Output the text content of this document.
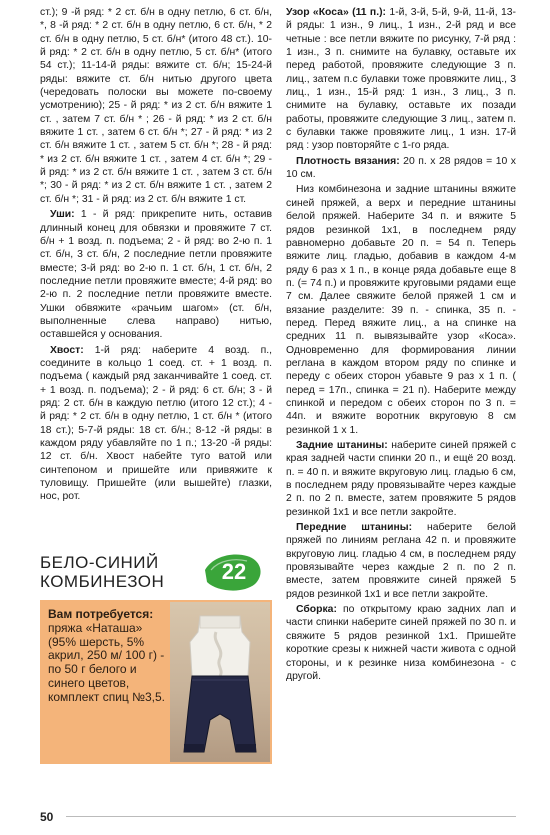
ст.); 9 -й ряд: * 2 ст. б/н в одну петлю, 6 ст. б/н, *, 8 -й ряд: * 2 ст. б/н в одну петлю, 6 ст. б/н, * 2 ст. б/н в одну петлю, 5 ст. б/н* (итого 48 ст.). 10-й ряд: * 2 ст. б/н в одну петлю, 5 ст. б/н* (итого 54 ст.); 11-14-й ряды: вяжите ст. б/н; 15-24-й ряды: вяжите ст. б/н нитью другого цвета (чередовать полоски вы можете по-своему усмотрению); 25 - й ряд: * из 2 ст. б/н вяжите 1 ст. , затем 7 ст. б/н * ; 26 - й ряд: * из 2 ст. б/н вяжите 1 ст. , затем 6 ст. б/н *; 27 - й ряд: * из 2 ст. б/н вяжите 1 ст. , затем 5 ст. б/н *; 28 - й ряд: * из 2 ст. б/н вяжите 1 ст. , затем 4 ст. б/н *; 29 - й ряд: * из 2 ст. б/н вяжите 1 ст. , затем 3 ст. б/н *; 30 - й ряд: * из 2 ст. б/н вяжите 1 ст. , затем 2 ст. б/н *; 31 - й ряд: из 2 ст. б/н вяжите 1 ст.

Уши: 1 - й ряд: прикрепите нить, оставив длинный конец для обвязки и провяжите 7 ст. б/н + 1 возд. п. подъема; 2 - й ряд: во 2-ю п. 1 ст. б/н, 3 ст. б/н, 2 последние петли провяжите вместе; 3-й ряд: во 2-ю п. 1 ст. б/н, 1 ст. б/н, 2 последние петли провяжите вместе; 4-й ряд: во 2-ю п. 2 последние петли провяжите вместе. Ушки обвяжите «рачьим шагом» (ст. б/н, выполненные слева направо) нитью, оставшейся у основания.

Хвост: 1-й ряд: наберите 4 возд. п., соедините в кольцо 1 соед. ст. + 1 возд. п. подъема ( каждый ряд заканчивайте 1 соед. ст. + 1 возд. п. подъема); 2 - й ряд: 6 ст. б/н; 3 - й ряд: 2 ст. б/н в каждую петлю (итого 12 ст.); 4 - й ряд: * 2 ст. б/н в одну петлю, 1 ст. б/н * (итого 18 ст.); 5-7-й ряды: 18 ст. б/н.; 8-12 -й ряды: в каждом ряду убавляйте по 1 п.; 13-20 -й ряды: 12 ст. б/н. Хвост набейте туго ватой или синтепоном и пришейте или привяжите к туловищу. Пришейте (или вышейте) глазки, нос, рот.

БЕЛО-СИНИЙ
КОМБИНЕЗОН	22
Вам потребуется:
пряжа «Наташа» (95% шерсть, 5% акрил, 250 м/ 100 г) - по 50 г белого и синего цветов, комплект спиц №3,5.

Узор «Коса» (11 п.): 1-й, 3-й, 5-й, 9-й, 11-й, 13-й ряды: 1 изн., 9 лиц., 1 изн., 2-й ряд и все четные : все петли вяжите по рисунку, 7-й ряд : 1 изн., 3 п. снимите на булавку, оставьте их перед работой, провяжите следующие 3 п. лиц., затем п.с булавки тоже провяжите лиц., 3 лиц., 1 изн., 15-й ряд: 1 изн., 3 лиц., 3 п. снимите на булавку, оставьте их позади работы, провяжите следующие 3 лиц., затем п. с булавки также провяжите лиц., 1 изн. 17-й ряд : узор повторяйте с 1-го ряда.

Плотность вязания: 20 п. х 28 рядов = 10 х 10 см.

Низ комбинезона и задние штанины вяжите синей пряжей, а верх и передние штанины белой пряжей. Наберите 34 п. и вяжите 5 рядов резинкой 1х1, в последнем ряду равномерно добавьте 20 п. = 54 п. Теперь вяжите лиц. гладью, добавив в каждом 4-м ряду 6 раз х 1 п., в конце ряда добавьте еще 8 п. (= 74 п.) и провяжите круговыми рядами еще 7 см. Далее свяжите белой пряжей 1 см и вязание разделите: 39 п. - спинка, 35 п. - перед. Перед вяжите лиц., а на спинке на средних 11 п. вывязывайте узор «Коса». Одновременно для формирования линии реглана в каждом втором ряду по спинке и переду с обеих сторон убавьте 9 раз х 1 п. ( перед = 17п., спинка = 21 п). Наберите между спинкой и передом с обеих сторон по 3 п. = 44п. и вяжите воротник вкруговую 8 см резинкой 1 х 1.

Задние штанины: наберите синей пряжей с края задней части спинки 20 п., и ещё 20 возд. п. = 40 п. и вяжите вкруговую лиц. гладью 6 см, в последнем ряду провязывайте через каждые 2 п. по 2 п. вместе, затем провяжите 5 рядов резинкой 1х1 и все петли закройте.

Передние штанины: наберите белой пряжей по линиям реглана 42 п. и провяжите вкруговую лиц. гладью 4 см, в последнем ряду провязывайте через каждые 2 п. по 2 п. вместе, затем провяжите синей пряжей 5 рядов резинкой 1х1 и все петли закройте.

Сборка: по открытому краю задних лап и части спинки наберите синей пряжей по 30 п. и свяжите 5 рядов резинкой 1х1. Пришейте короткие срезы к нижней части живота с одной стороны, и к резинке низа комбинезона - с другой.

50
